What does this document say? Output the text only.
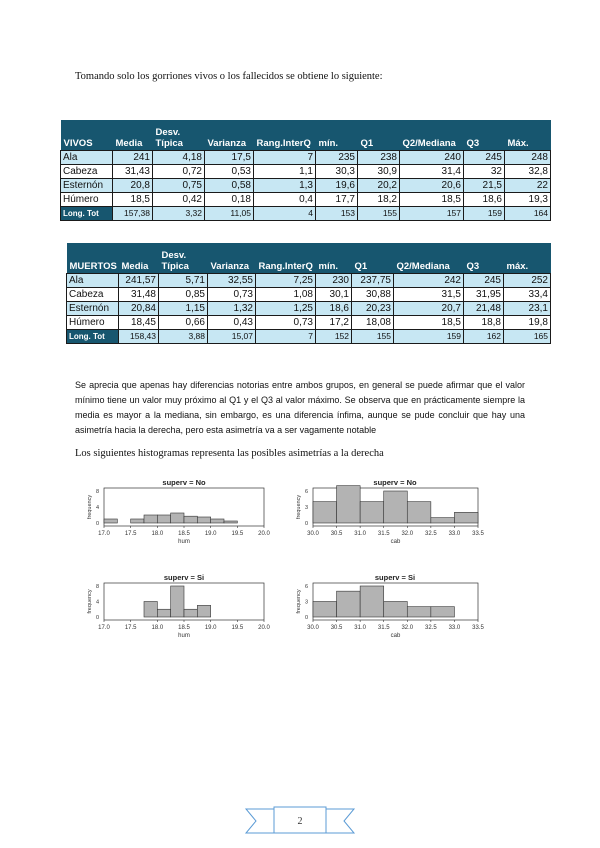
Tomando solo los gorriones vivos o los fallecidos se obtiene lo siguiente:
VIVOS	Media	Desv. Típica	Varianza	Rang.InterQ	mín.	Q1	Q2/Mediana	Q3	Máx.
Ala	241	4,18	17,5	7	235	238	240	245	248
Cabeza	31,43	0,72	0,53	1,1	30,3	30,9	31,4	32	32,8
Esternón	20,8	0,75	0,58	1,3	19,6	20,2	20,6	21,5	22
Húmero	18,5	0,42	0,18	0,4	17,7	18,2	18,5	18,6	19,3
Long. Tot	157,38	3,32	11,05	4	153	155	157	159	164
MUERTOS	Media	Desv. Típica	Varianza	Rang.InterQ	mín.	Q1	Q2/Mediana	Q3	máx.
Ala	241,57	5,71	32,55	7,25	230	237,75	242	245	252
Cabeza	31,48	0,85	0,73	1,08	30,1	30,88	31,5	31,95	33,4
Esternón	20,84	1,15	1,32	1,25	18,6	20,23	20,7	21,48	23,1
Húmero	18,45	0,66	0,43	0,73	17,2	18,08	18,5	18,8	19,8
Long. Tot	158,43	3,88	15,07	7	152	155	159	162	165
Se aprecia que apenas hay diferencias notorias entre ambos grupos, en general se puede afirmar que el valor mínimo tiene un valor muy próximo al Q1 y el Q3 al valor máximo. Se observa que en prácticamente siempre la media es mayor a la mediana, sin embargo, es una diferencia ínfima, aunque se pude concluir que hay una asimetría hacia la derecha, pero esta asimetría va a ser vagamente notable
Los siguientes histogramas representa las posibles asimetrías a la derecha
superv = No
17.0 17.5 18.0 18.5 19.0 19.5 20.0
hum
0
4
8
frequency
superv = No
30.0 30.5 31.0 31.5 32.0 32.5 33.0 33.5
cab
0
3
6
frequency
superv = Si
17.0 17.5 18.0 18.5 19.0 19.5 20.0
hum
0
4
8
frequency
superv = Si
30.0 30.5 31.0 31.5 32.0 32.5 33.0 33.5
cab
0
3
6
frequency
2
